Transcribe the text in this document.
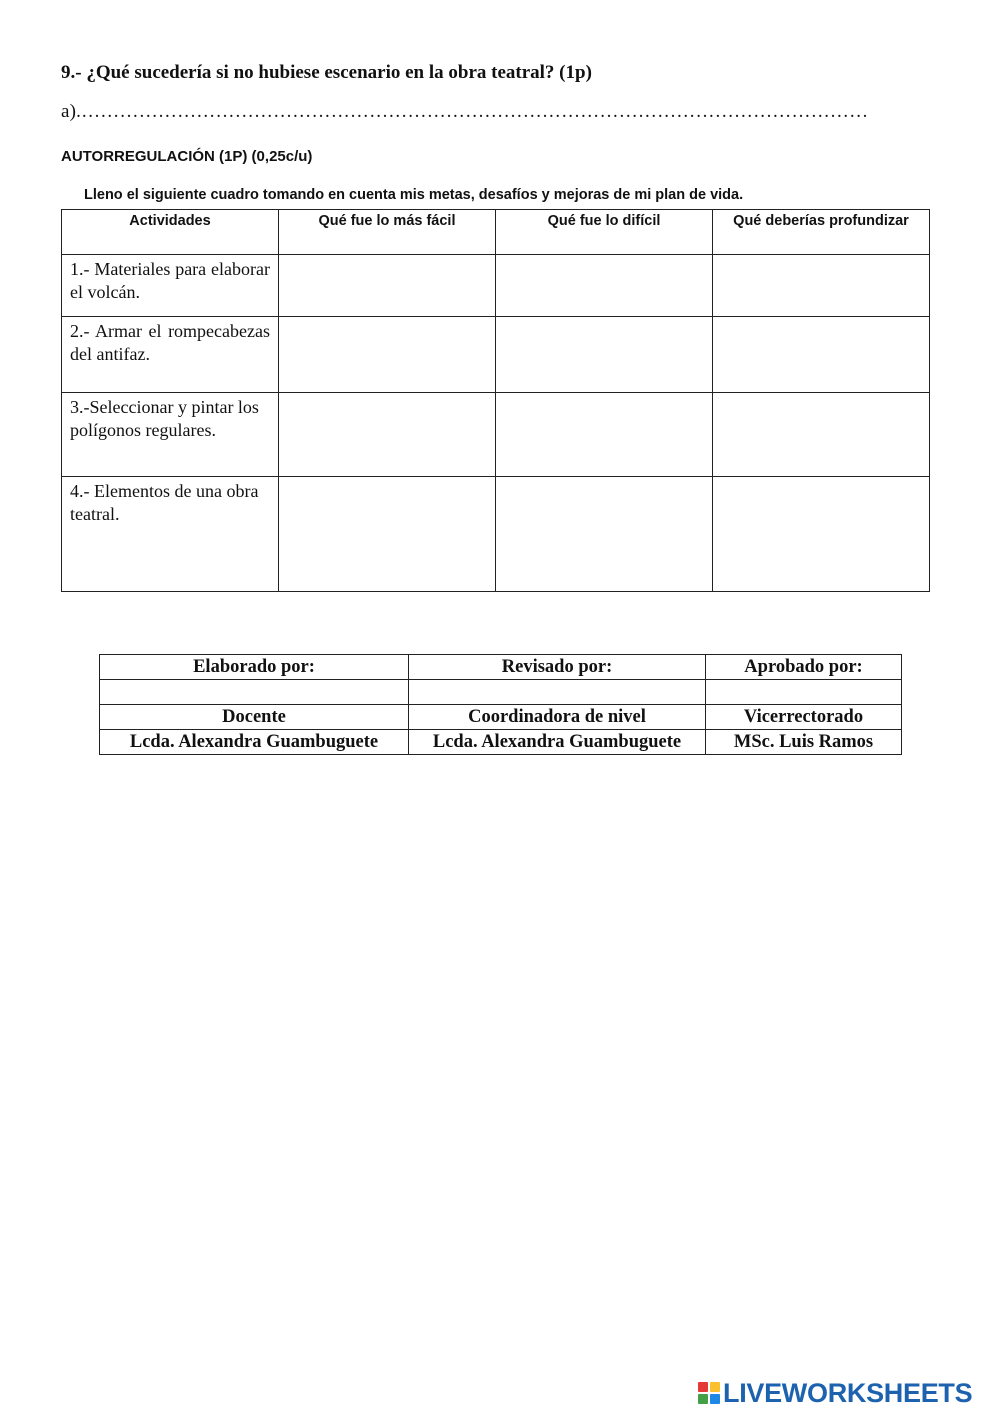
9.- ¿Qué sucedería si no hubiese escenario en la obra teatral? (1p)

a).……………………………………………………………………………………………………………

AUTORREGULACIÓN (1P) (0,25c/u)

Lleno el siguiente cuadro tomando en cuenta mis metas, desafíos y mejoras de mi plan de vida.

Actividades	Qué fue lo más fácil	Qué fue lo difícil	Qué deberías profundizar
1.- Materiales para elaborar el volcán.			
2.- Armar el rompecabezas del antifaz.			
3.-Seleccionar y pintar los polígonos regulares.			
4.- Elementos de una obra teatral.			
Elaborado por:	Revisado por:	Aprobado por:

Docente	Coordinadora de nivel	Vicerrectorado
Lcda. Alexandra Guambuguete	Lcda. Alexandra Guambuguete	MSc. Luis Ramos
LIVEWORKSHEETS
